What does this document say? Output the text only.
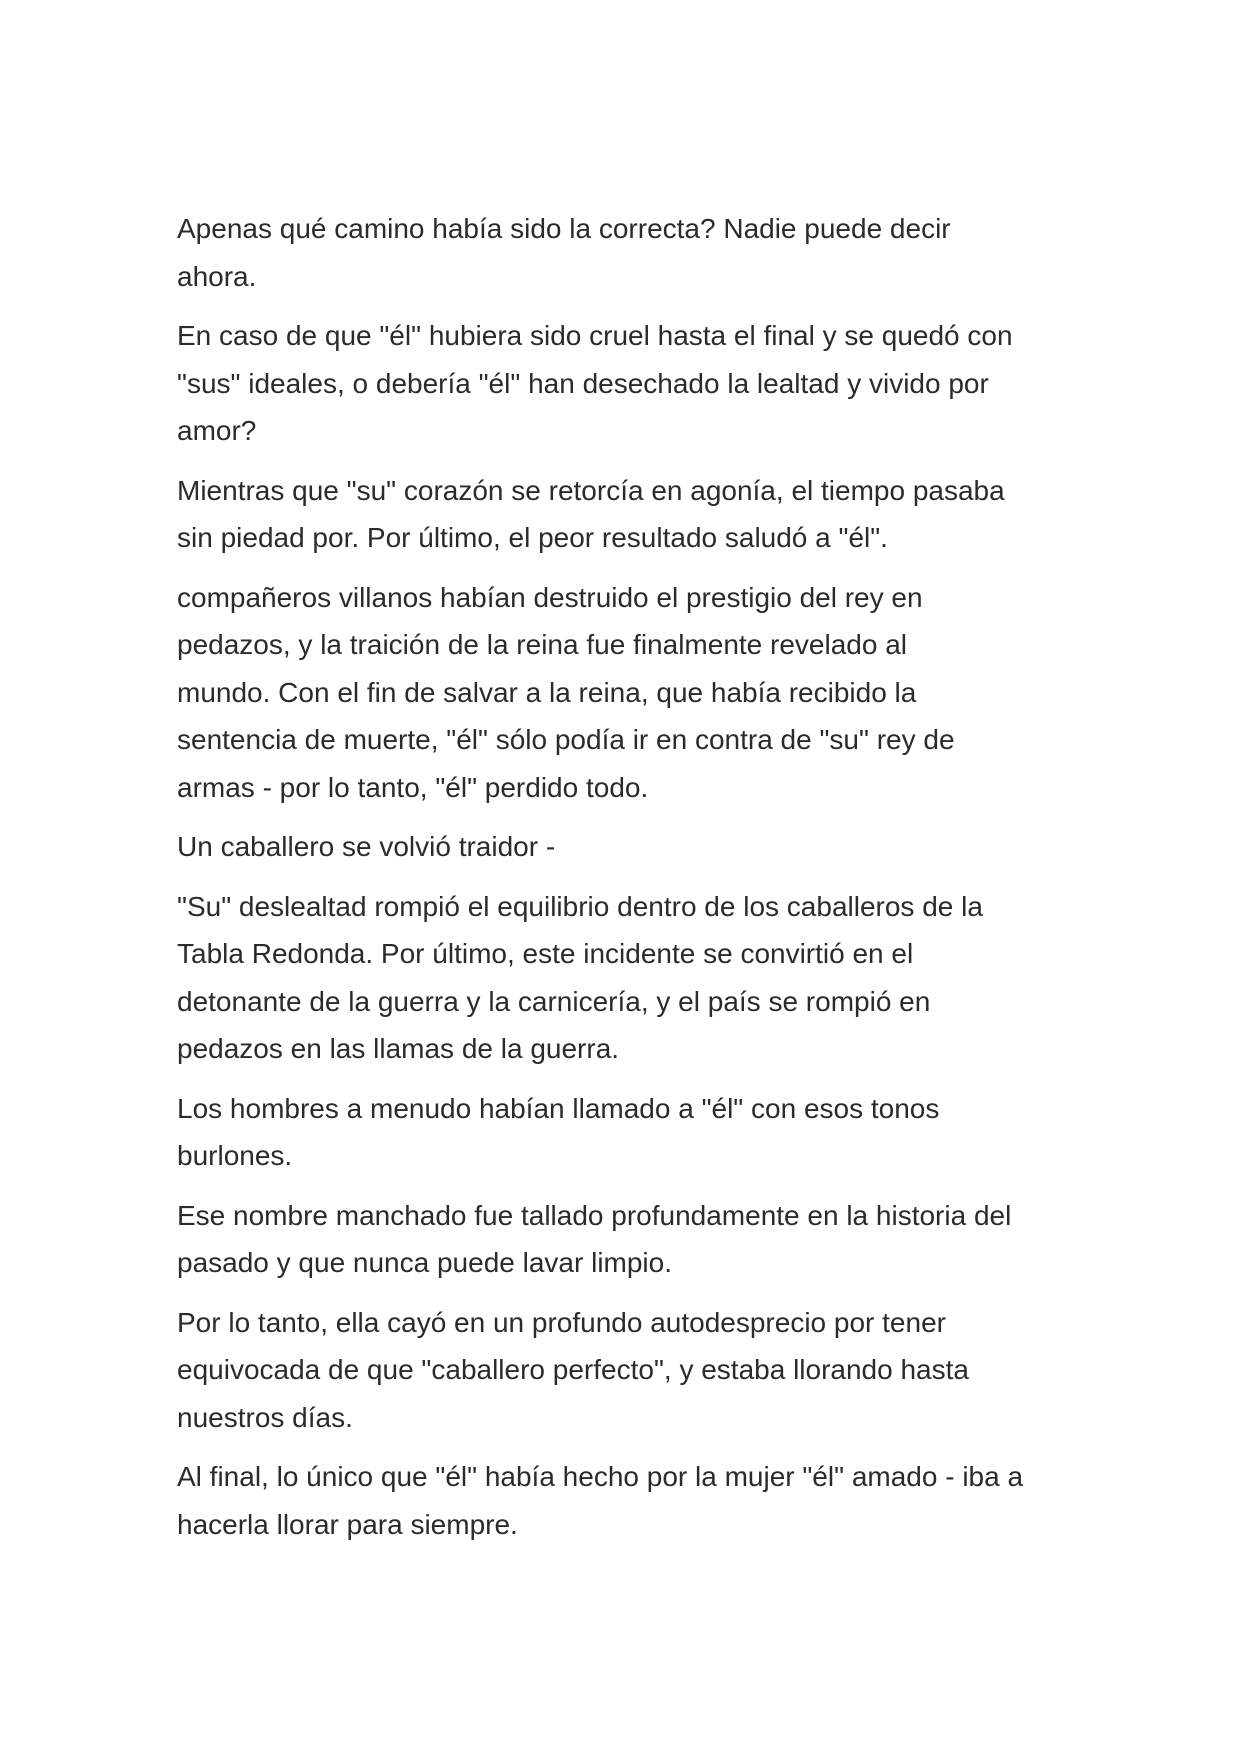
Apenas qué camino había sido la correcta? Nadie puede decir
ahora.

En caso de que "él" hubiera sido cruel hasta el final y se quedó con
"sus" ideales, o debería "él" han desechado la lealtad y vivido por
amor?

Mientras que "su" corazón se retorcía en agonía, el tiempo pasaba
sin piedad por. Por último, el peor resultado saludó a "él".

compañeros villanos habían destruido el prestigio del rey en
pedazos, y la traición de la reina fue finalmente revelado al
mundo. Con el fin de salvar a la reina, que había recibido la
sentencia de muerte, "él" sólo podía ir en contra de "su" rey de
armas - por lo tanto, "él" perdido todo.

Un caballero se volvió traidor -

"Su" deslealtad rompió el equilibrio dentro de los caballeros de la
Tabla Redonda. Por último, este incidente se convirtió en el
detonante de la guerra y la carnicería, y el país se rompió en
pedazos en las llamas de la guerra.

Los hombres a menudo habían llamado a "él" con esos tonos
burlones.

Ese nombre manchado fue tallado profundamente en la historia del
pasado y que nunca puede lavar limpio.

Por lo tanto, ella cayó en un profundo autodesprecio por tener
equivocada de que "caballero perfecto", y estaba llorando hasta
nuestros días.

Al final, lo único que "él" había hecho por la mujer "él" amado - iba a
hacerla llorar para siempre.
